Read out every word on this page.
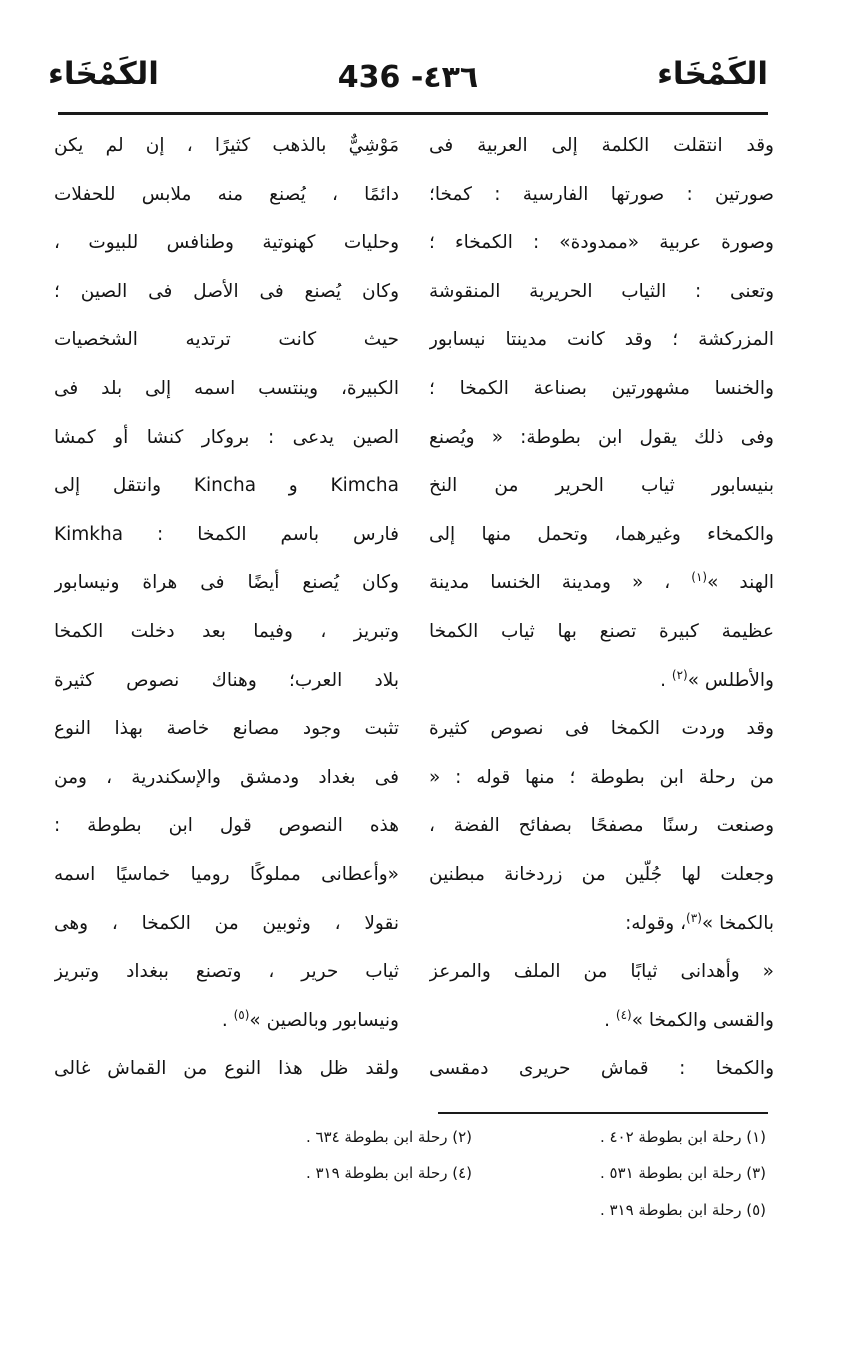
الكَمْخَاء
436 -٤٣٦
الكَمْخَاء
وقد انتقلت الكلمة إلى العربية فى
صورتين : صورتها الفارسية : كمخا؛
وصورة عربية «ممدودة» : الكمخاء ؛
وتعنى : الثياب الحريرية المنقوشة
المزركشة ؛ وقد كانت مدينتا نيسابور
والخنسا مشهورتين بصناعة الكمخا ؛
وفى ذلك يقول ابن بطوطة: « ويُصنع
بنيسابور ثياب الحرير من النخ
والكمخاء وغيرهما، وتحمل منها إلى
الهند »$^{(١)}$ ، « ومدينة الخنسا مدينة
عظيمة كبيرة تصنع بها ثياب الكمخا
والأطلس »$^{(٢)}$ .
وقد وردت الكمخا فى نصوص كثيرة
من رحلة ابن بطوطة ؛ منها قوله : «
وصنعت رسنًا مصفحًا بصفائح الفضة ،
وجعلت لها جُلّين من زردخانة مبطنين
بالكمخا »$^{(٣)}$، وقوله:
« وأهدانى ثيابًا من الملف والمرعز
والقسى والكمخا »$^{(٤)}$ .
والكمخا : قماش حريرى دمقسى
مَوْشِيٌّ بالذهب كثيرًا ، إن لم يكن
دائمًا ، يُصنع منه ملابس للحفلات
وحليات كهنوتية وطنافس للبيوت ،
وكان يُصنع فى الأصل فى الصين ؛
حيث كانت ترتديه الشخصيات
الكبيرة، وينتسب اسمه إلى بلد فى
الصين يدعى : بروكار كنشا أو كمشا
Kimcha و Kincha وانتقل إلى
فارس باسم الكمخا : Kimkha
وكان يُصنع أيضًا فى هراة ونيسابور
وتبريز ، وفيما بعد دخلت الكمخا
بلاد العرب؛ وهناك نصوص كثيرة
تثبت وجود مصانع خاصة بهذا النوع
فى بغداد ودمشق والإسكندرية ، ومن
هذه النصوص قول ابن بطوطة :
«وأعطانى مملوكًا روميا خماسيًا اسمه
نقولا ، وثوبين من الكمخا ، وهى
ثياب حرير ، وتصنع ببغداد وتبريز
ونيسابور وبالصين »$^{(٥)}$ .
ولقد ظل هذا النوع من القماش غالى
(١) رحلة ابن بطوطة ٤٠٢ .
(٢) رحلة ابن بطوطة ٦٣٤ .
(٣) رحلة ابن بطوطة ٥٣١ .
(٤) رحلة ابن بطوطة ٣١٩ .
(٥) رحلة ابن بطوطة ٣١٩ .
